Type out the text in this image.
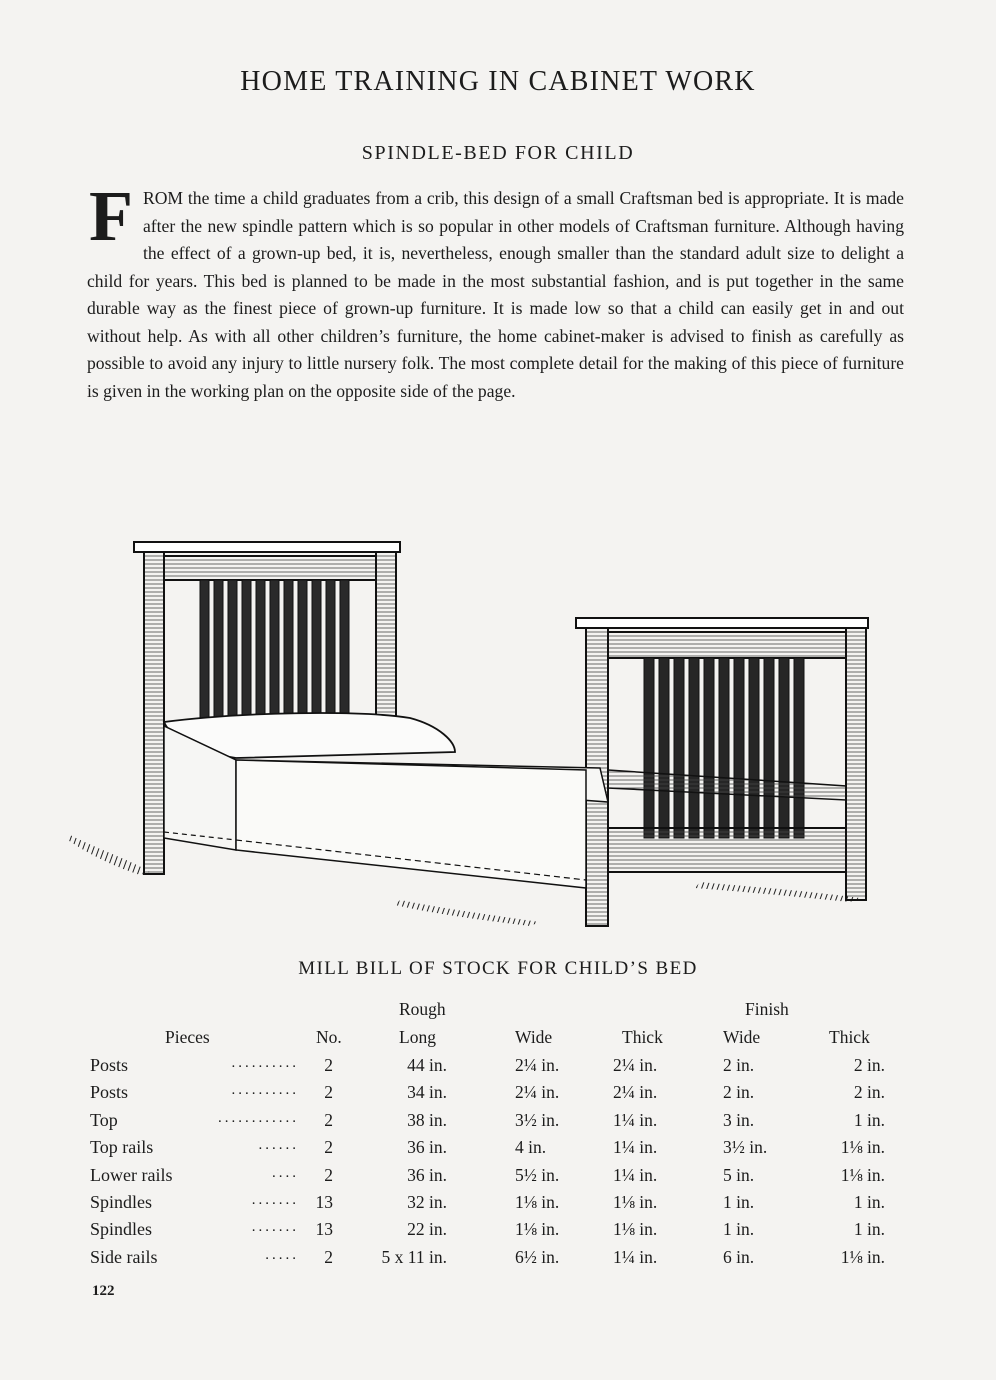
HOME TRAINING IN CABINET WORK
SPINDLE-BED FOR CHILD

FROM the time a child graduates from a crib, this design of a small Craftsman bed is appropriate. It is made after the new spindle pattern which is so popular in other models of Craftsman furniture. Although having the effect of a grown-up bed, it is, nevertheless, enough smaller than the standard adult size to delight a child for years. This bed is planned to be made in the most substantial fashion, and is put together in the same durable way as the finest piece of grown-up furniture. It is made low so that a child can easily get in and out without help. As with all other children’s furniture, the home cabinet-maker is advised to finish as carefully as possible to avoid any injury to little nursery folk. The most complete detail for the making of this piece of furniture is given in the working plan on the opposite side of the page.

MILL BILL OF STOCK FOR CHILD’S BED
Rough	Finish
Pieces	No.	Long	Wide	Thick	Wide	Thick
Posts	2	44 in.	2¼ in.	2¼ in.	2 in.	2 in.
..........
Posts	2	34 in.	2¼ in.	2¼ in.	2 in.	2 in.
..........
Top	2	38 in.	3½ in.	1¼ in.	3 in.	1 in.
............
Top rails	2	36 in.	4 in.	1¼ in.	3½ in.	1⅛ in.
......
Lower rails	2	36 in.	5½ in.	1¼ in.	5 in.	1⅛ in.
....
Spindles	13	32 in.	1⅛ in.	1⅛ in.	1 in.	1 in.
.......
Spindles	13	22 in.	1⅛ in.	1⅛ in.	1 in.	1 in.
.......
Side rails	2	5 x 11 in.	6½ in.	1¼ in.	6 in.	1⅛ in.
.....
122
